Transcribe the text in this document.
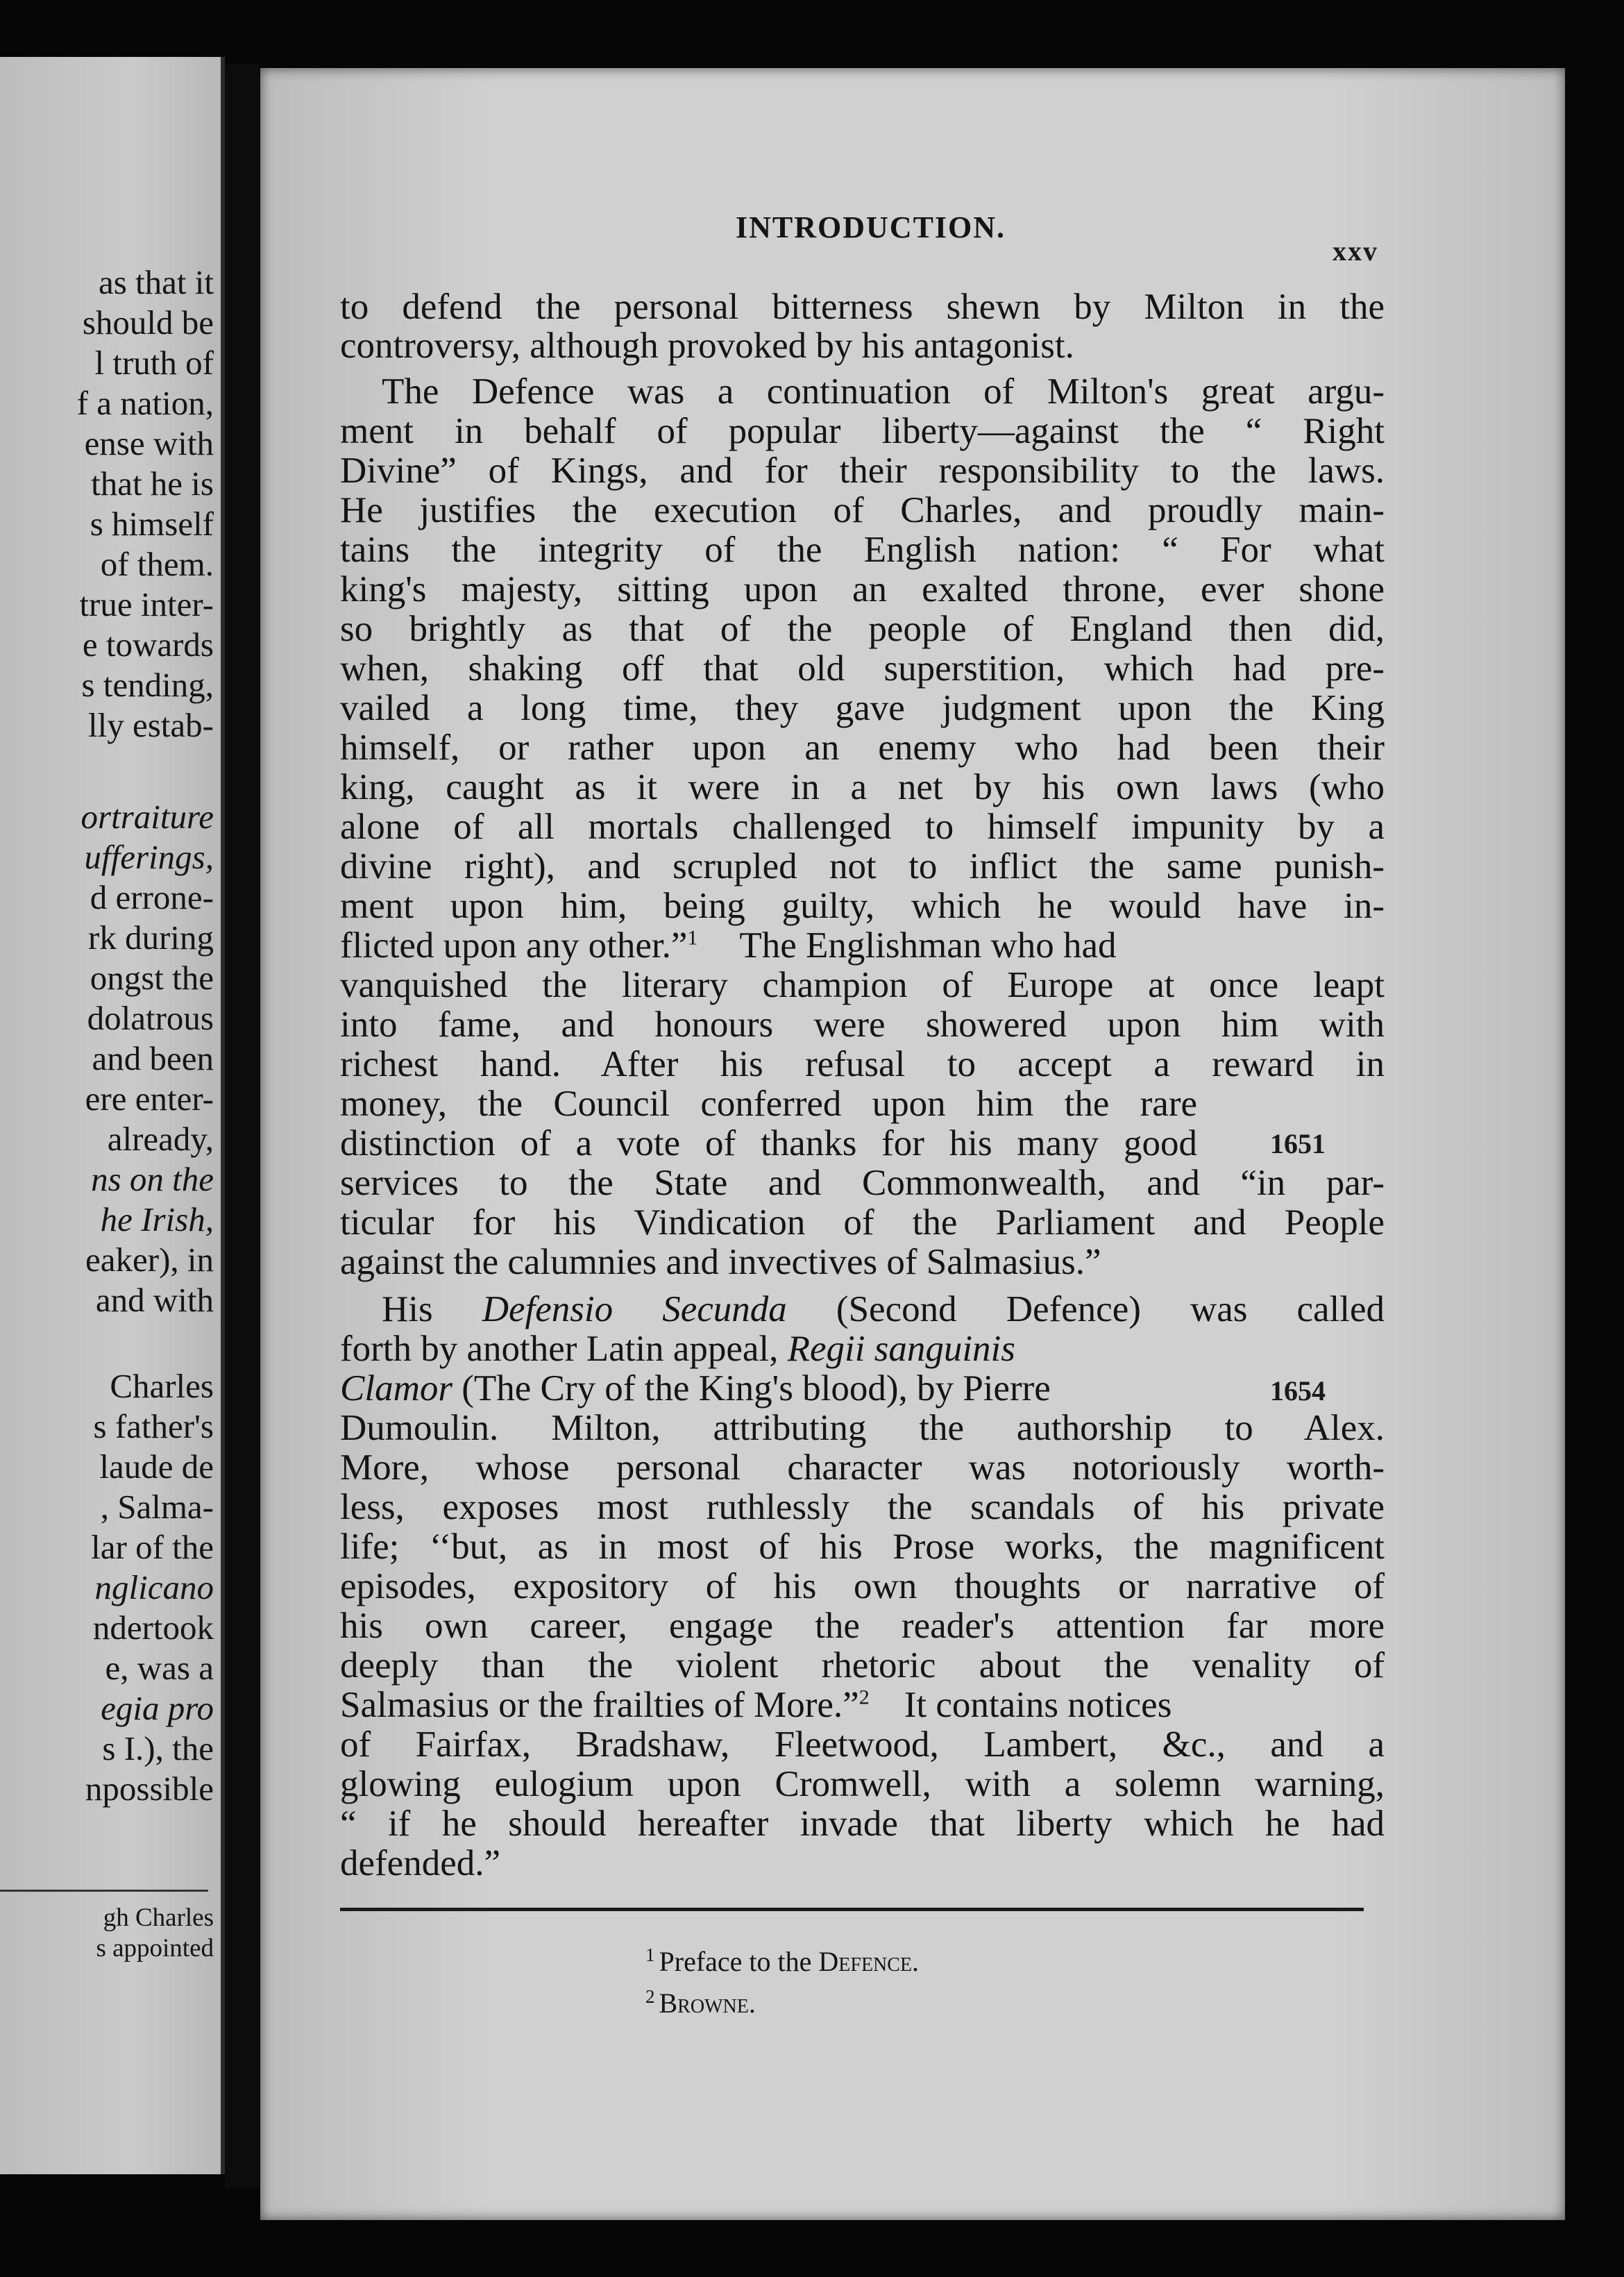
as that it
should be
l truth of
f a nation,
ense with
that he is
s himself
of them.
true inter-
e towards
s tending,
lly estab-
ortraiture
ufferings,
d errone-
rk during
ongst the
dolatrous
and been
ere enter-
already,
ns on the
he Irish,
eaker), in
and with
Charles
s father's
laude de
, Salma-
lar of the
nglicano
ndertook
e, was a
egia pro
s I.), the
npossible
gh Charles
s appointed
INTRODUCTION.
xxv
to defend the personal bitterness shewn by Milton in the
controversy, although provoked by his antagonist.
The Defence was a continuation of Milton's great argu-
ment in behalf of popular liberty—against the “ Right
Divine” of Kings, and for their responsibility to the laws.
He justifies the execution of Charles, and proudly main-
tains the integrity of the English nation: “ For what
king's majesty, sitting upon an exalted throne, ever shone
so brightly as that of the people of England then did,
when, shaking off that old superstition, which had pre-
vailed a long time, they gave judgment upon the King
himself, or rather upon an enemy who had been their
king, caught as it were in a net by his own laws (who
alone of all mortals challenged to himself impunity by a
divine right), and scrupled not to inflict the same punish-
ment upon him, being guilty, which he would have in-
flicted upon any other.”$^1$ The Englishman who had
vanquished the literary champion of Europe at once leapt
into fame, and honours were showered upon him with
richest hand. After his refusal to accept a reward in
money, the Council conferred upon him the rare
distinction of a vote of thanks for his many good	1651
services to the State and Commonwealth, and “in par-
ticular for his Vindication of the Parliament and People
against the calumnies and invectives of Salmasius.”
His Defensio Secunda (Second Defence) was called
forth by another Latin appeal, Regii sanguinis
Clamor (The Cry of the King's blood), by Pierre	1654
Dumoulin. Milton, attributing the authorship to Alex.
More, whose personal character was notoriously worth-
less, exposes most ruthlessly the scandals of his private
life; ‘‘but, as in most of his Prose works, the magnificent
episodes, expository of his own thoughts or narrative of
his own career, engage the reader's attention far more
deeply than the violent rhetoric about the venality of
Salmasius or the frailties of More.”$^2$ It contains notices
of Fairfax, Bradshaw, Fleetwood, Lambert, &c., and a
glowing eulogium upon Cromwell, with a solemn warning,
“ if he should hereafter invade that liberty which he had
defended.”
$^1$ Preface to the Defence.
$^2$ Browne.
